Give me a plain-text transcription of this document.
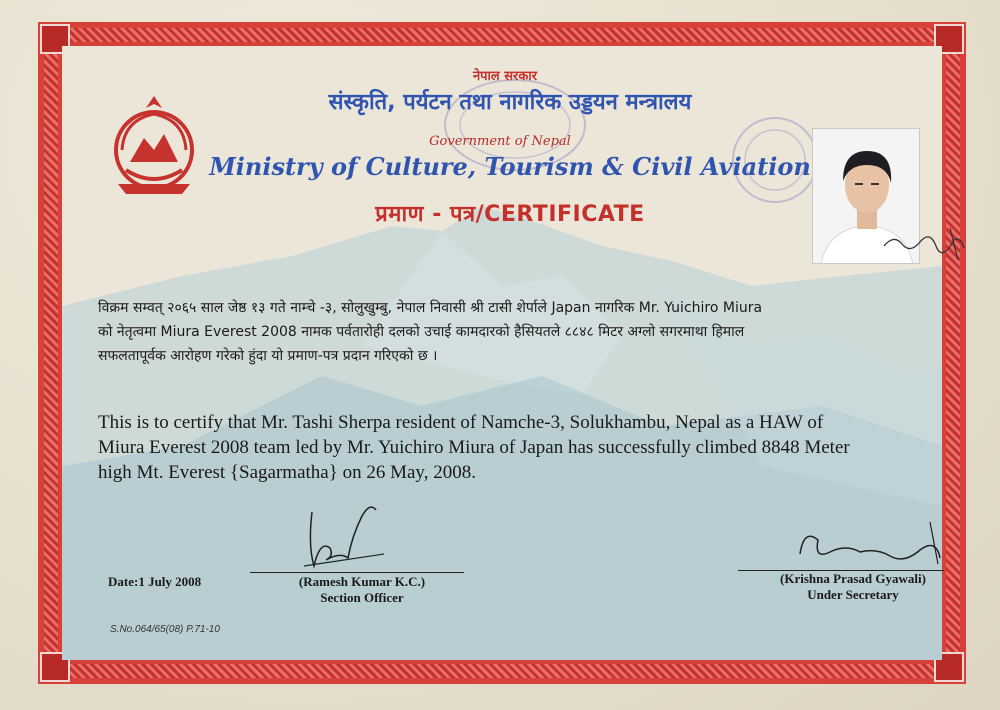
नेपाल सरकार
संस्कृति, पर्यटन तथा नागरिक उड्डयन मन्त्रालय
Government of Nepal
Ministry of Culture, Tourism & Civil Aviation
प्रमाण - पत्र/CERTIFICATE
विक्रम सम्वत् २०६५ साल जेष्ठ १३ गते नाम्चे -३, सोलुखुम्बु, नेपाल निवासी श्री टासी शेर्पाले Japan नागरिक Mr. Yuichiro Miura
को नेतृत्वमा Miura Everest 2008 नामक पर्वतारोही दलको उचाई कामदारको हैसियतले ८८४८ मिटर अग्लो सगरमाथा हिमाल
सफलतापूर्वक आरोहण गरेको हुंदा यो प्रमाण-पत्र प्रदान गरिएको छ ।
This is to certify that Mr. Tashi Sherpa resident of Namche-3, Solukhambu, Nepal as a HAW of
Miura Everest 2008 team led by Mr. Yuichiro Miura of Japan has successfully climbed 8848 Meter
high Mt. Everest {Sagarmatha} on 26 May, 2008.
Date:1 July 2008	(Ramesh Kumar K.C.)
Section Officer
(Krishna Prasad Gyawali)
Under Secretary
S.No.064/65(08) P.71-10
